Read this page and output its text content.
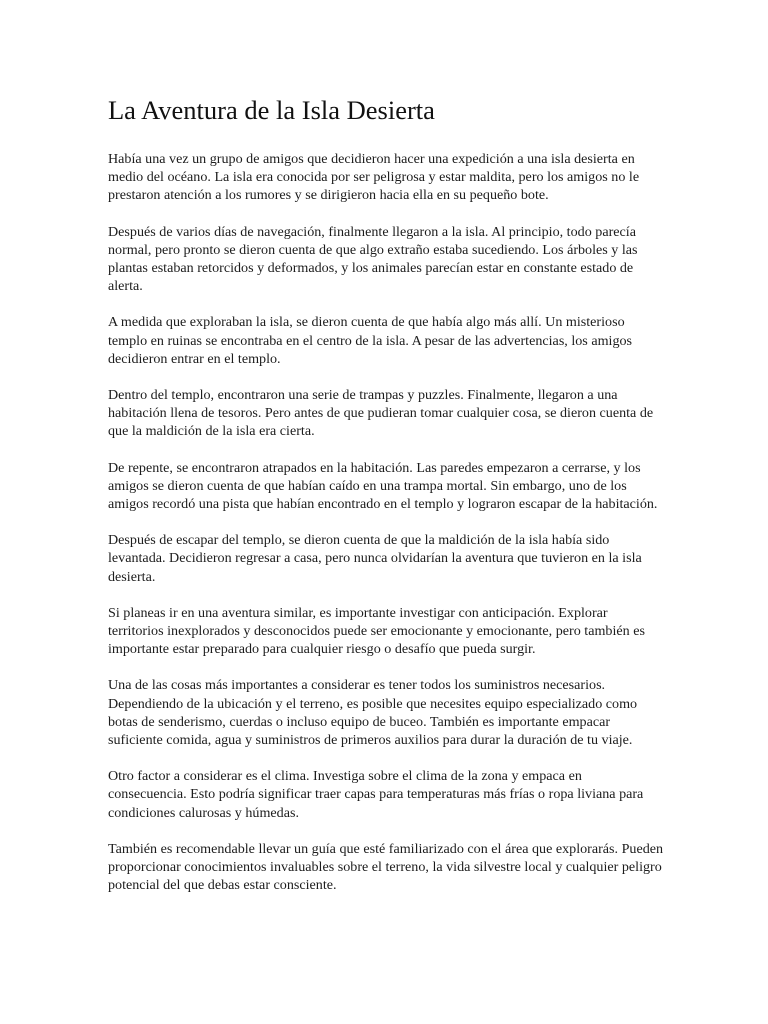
La Aventura de la Isla Desierta

Había una vez un grupo de amigos que decidieron hacer una expedición a una isla desierta en medio del océano. La isla era conocida por ser peligrosa y estar maldita, pero los amigos no le prestaron atención a los rumores y se dirigieron hacia ella en su pequeño bote.

Después de varios días de navegación, finalmente llegaron a la isla. Al principio, todo parecía normal, pero pronto se dieron cuenta de que algo extraño estaba sucediendo. Los árboles y las plantas estaban retorcidos y deformados, y los animales parecían estar en constante estado de alerta.

A medida que exploraban la isla, se dieron cuenta de que había algo más allí. Un misterioso templo en ruinas se encontraba en el centro de la isla. A pesar de las advertencias, los amigos decidieron entrar en el templo.

Dentro del templo, encontraron una serie de trampas y puzzles. Finalmente, llegaron a una habitación llena de tesoros. Pero antes de que pudieran tomar cualquier cosa, se dieron cuenta de que la maldición de la isla era cierta.

De repente, se encontraron atrapados en la habitación. Las paredes empezaron a cerrarse, y los amigos se dieron cuenta de que habían caído en una trampa mortal. Sin embargo, uno de los amigos recordó una pista que habían encontrado en el templo y lograron escapar de la habitación.

Después de escapar del templo, se dieron cuenta de que la maldición de la isla había sido levantada. Decidieron regresar a casa, pero nunca olvidarían la aventura que tuvieron en la isla desierta.

Si planeas ir en una aventura similar, es importante investigar con anticipación. Explorar territorios inexplorados y desconocidos puede ser emocionante y emocionante, pero también es importante estar preparado para cualquier riesgo o desafío que pueda surgir.

Una de las cosas más importantes a considerar es tener todos los suministros necesarios. Dependiendo de la ubicación y el terreno, es posible que necesites equipo especializado como botas de senderismo, cuerdas o incluso equipo de buceo. También es importante empacar suficiente comida, agua y suministros de primeros auxilios para durar la duración de tu viaje.

Otro factor a considerar es el clima. Investiga sobre el clima de la zona y empaca en consecuencia. Esto podría significar traer capas para temperaturas más frías o ropa liviana para condiciones calurosas y húmedas.

También es recomendable llevar un guía que esté familiarizado con el área que explorarás. Pueden proporcionar conocimientos invaluables sobre el terreno, la vida silvestre local y cualquier peligro potencial del que debas estar consciente.
